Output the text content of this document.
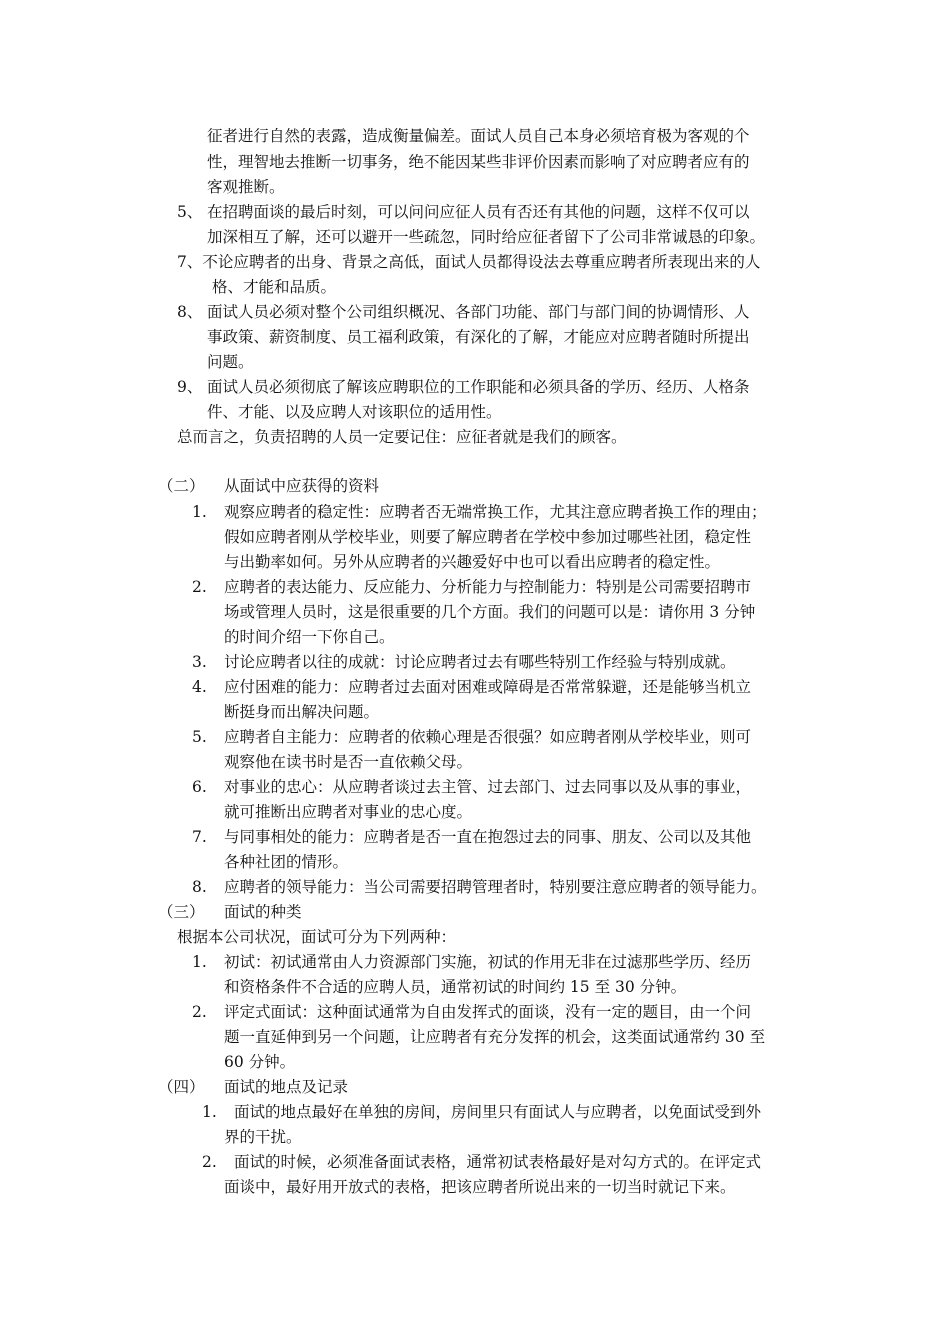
征者进行自然的表露，造成衡量偏差。面试人员自己本身必须培育极为客观的个
性，理智地去推断一切事务，绝不能因某些非评价因素而影响了对应聘者应有的
客观推断。
5、 在招聘面谈的最后时刻，可以问问应征人员有否还有其他的问题，这样不仅可以
加深相互了解，还可以避开一些疏忽，同时给应征者留下了公司非常诚恳的印象。
7、不论应聘者的出身、背景之高低，面试人员都得设法去尊重应聘者所表现出来的人
格、才能和品质。
8、 面试人员必须对整个公司组织概况、各部门功能、部门与部门间的协调情形、人
事政策、薪资制度、员工福利政策，有深化的了解，才能应对应聘者随时所提出
问题。
9、 面试人员必须彻底了解该应聘职位的工作职能和必须具备的学历、经历、人格条
件、才能、以及应聘人对该职位的适用性。
总而言之，负责招聘的人员一定要记住：应征者就是我们的顾客。
（二） 从面试中应获得的资料
1. 观察应聘者的稳定性：应聘者否无端常换工作，尤其注意应聘者换工作的理由；
假如应聘者刚从学校毕业，则要了解应聘者在学校中参加过哪些社团，稳定性
与出勤率如何。另外从应聘者的兴趣爱好中也可以看出应聘者的稳定性。
2. 应聘者的表达能力、反应能力、分析能力与控制能力：特别是公司需要招聘市
场或管理人员时，这是很重要的几个方面。我们的问题可以是：请你用 3 分钟
的时间介绍一下你自己。
3. 讨论应聘者以往的成就：讨论应聘者过去有哪些特别工作经验与特别成就。
4. 应付困难的能力：应聘者过去面对困难或障碍是否常常躲避，还是能够当机立
断挺身而出解决问题。
5. 应聘者自主能力：应聘者的依赖心理是否很强？如应聘者刚从学校毕业，则可
观察他在读书时是否一直依赖父母。
6. 对事业的忠心：从应聘者谈过去主管、过去部门、过去同事以及从事的事业，
就可推断出应聘者对事业的忠心度。
7. 与同事相处的能力：应聘者是否一直在抱怨过去的同事、朋友、公司以及其他
各种社团的情形。
8. 应聘者的领导能力：当公司需要招聘管理者时，特别要注意应聘者的领导能力。
（三） 面试的种类
根据本公司状况，面试可分为下列两种：
1. 初试：初试通常由人力资源部门实施，初试的作用无非在过滤那些学历、经历
和资格条件不合适的应聘人员，通常初试的时间约 15 至 30 分钟。
2. 评定式面试：这种面试通常为自由发挥式的面谈，没有一定的题目，由一个问
题一直延伸到另一个问题，让应聘者有充分发挥的机会，这类面试通常约 30 至
60 分钟。
（四） 面试的地点及记录
1. 面试的地点最好在单独的房间，房间里只有面试人与应聘者，以免面试受到外
界的干扰。
2. 面试的时候，必须准备面试表格，通常初试表格最好是对勾方式的。在评定式
面谈中，最好用开放式的表格，把该应聘者所说出来的一切当时就记下来。
